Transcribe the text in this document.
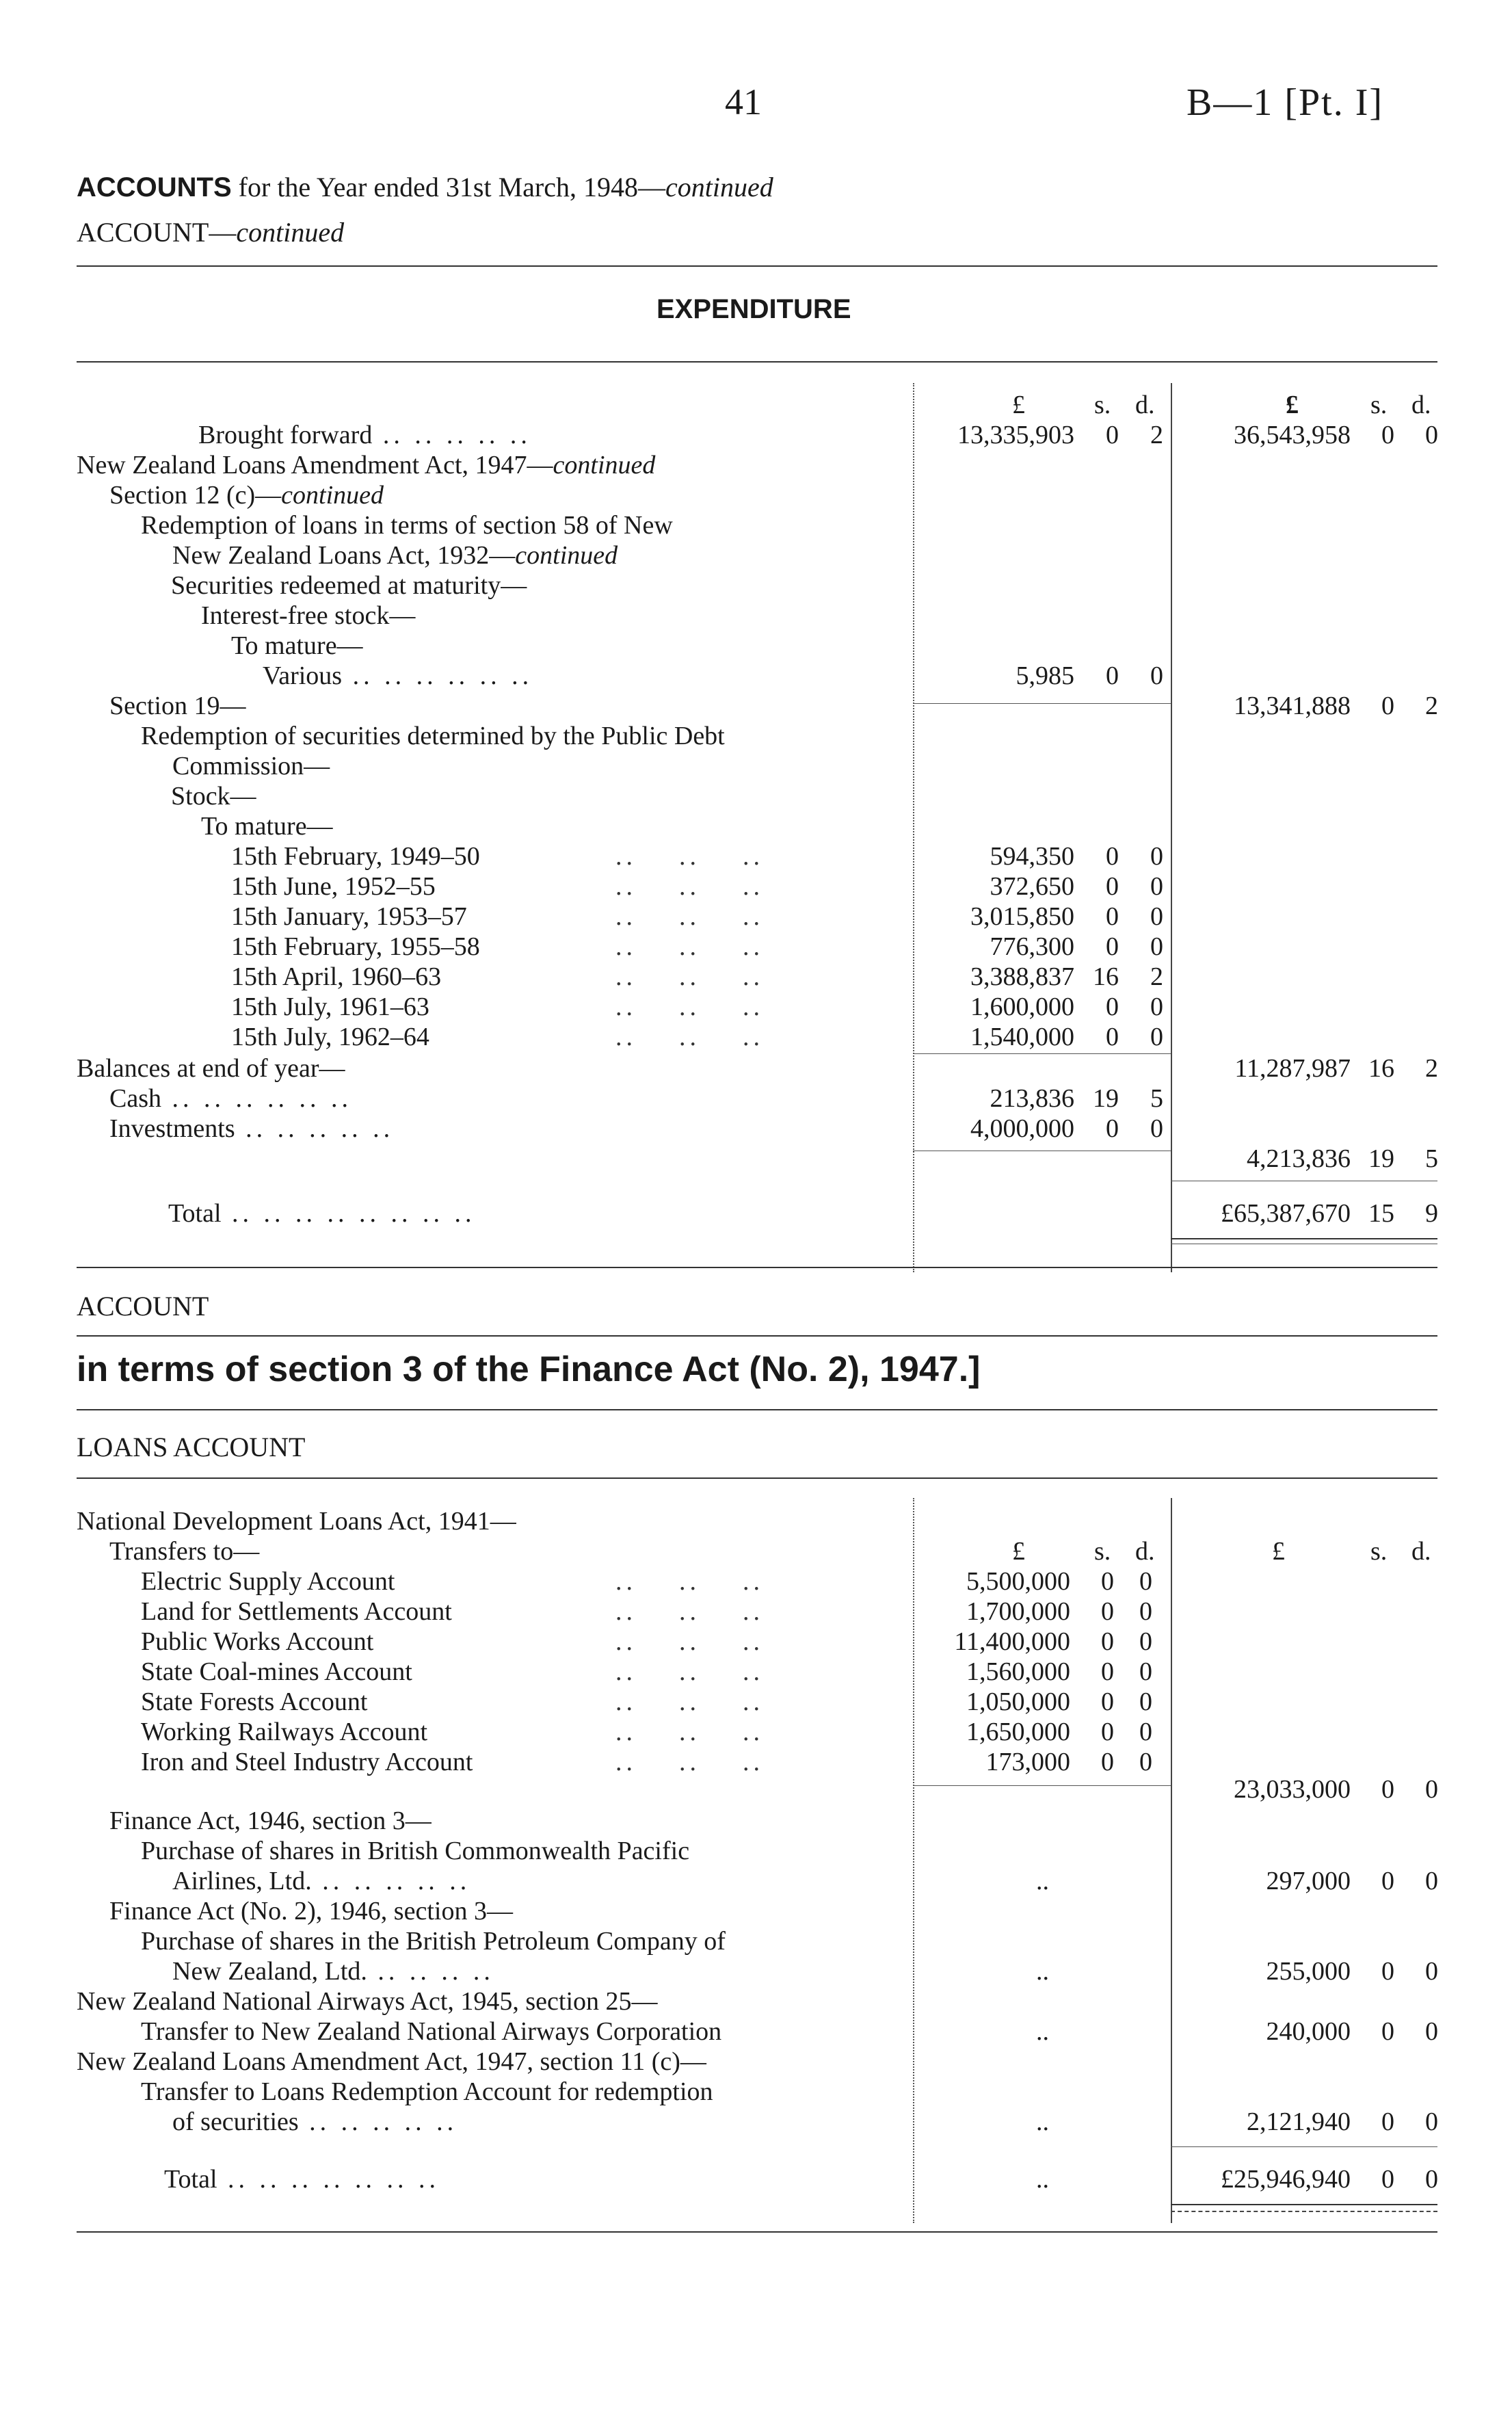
41	B—1 [Pt. I]
ACCOUNTS for the Year ended 31st March, 1948—continued
ACCOUNT—continued
EXPENDITURE
£	s. d.	£	s. d.
Brought forward .. .. .. .. ..	13,335,903 0 2	36,543,958 0 0
New Zealand Loans Amendment Act, 1947—continued
Section 12 (c)—continued
Redemption of loans in terms of section 58 of New
New Zealand Loans Act, 1932—continued
Securities redeemed at maturity—
Interest-free stock—
To mature—
Various .. .. .. .. .. ..	5,985 0 0
Section 19—	13,341,888 0 2
Redemption of securities determined by the Public Debt
Commission—
Stock—
To mature—
15th February, 1949–50	594,350 0 0
15th June, 1952–55	372,650 0 0
15th January, 1953–57	3,015,850 0 0
15th February, 1955–58	776,300 0 0
15th April, 1960–63	3,388,837 16 2
15th July, 1961–63	1,600,000 0 0
15th July, 1962–64	1,540,000 0 0
..    ..    ..
..    ..    ..
..    ..    ..
..    ..    ..
..    ..    ..
..    ..    ..
..    ..    ..
Balances at end of year—	11,287,987 16 2
Cash .. .. .. .. .. ..	213,836 19 5
Investments .. .. .. .. ..	4,000,000 0 0
4,213,836 19 5
Total .. .. .. .. .. .. .. ..	£65,387,670 15 9
ACCOUNT
in terms of section 3 of the Finance Act (No. 2), 1947.]
LOANS ACCOUNT
National Development Loans Act, 1941—
£	s. d.	£	s. d.
Transfers to—
Electric Supply Account	5,500,000 0 0
Land for Settlements Account	1,700,000 0 0
Public Works Account	11,400,000 0 0
State Coal-mines Account	1,560,000 0 0
State Forests Account	1,050,000 0 0
Working Railways Account	1,650,000 0 0
Iron and Steel Industry Account	173,000 0 0
..    ..    ..
..    ..    ..
..    ..    ..
..    ..    ..
..    ..    ..
..    ..    ..
..    ..    ..
23,033,000 0 0
Finance Act, 1946, section 3—
Purchase of shares in British Commonwealth Pacific
Airlines, Ltd. .. .. .. .. ..	..	297,000 0 0
Finance Act (No. 2), 1946, section 3—
Purchase of shares in the British Petroleum Company of
New Zealand, Ltd. .. .. .. ..	..	255,000 0 0
New Zealand National Airways Act, 1945, section 25—
Transfer to New Zealand National Airways Corporation	..	240,000 0 0
New Zealand Loans Amendment Act, 1947, section 11 (c)—
Transfer to Loans Redemption Account for redemption
of securities .. .. .. .. ..	..	2,121,940 0 0
Total .. .. .. .. .. .. ..	..	£25,946,940 0 0
